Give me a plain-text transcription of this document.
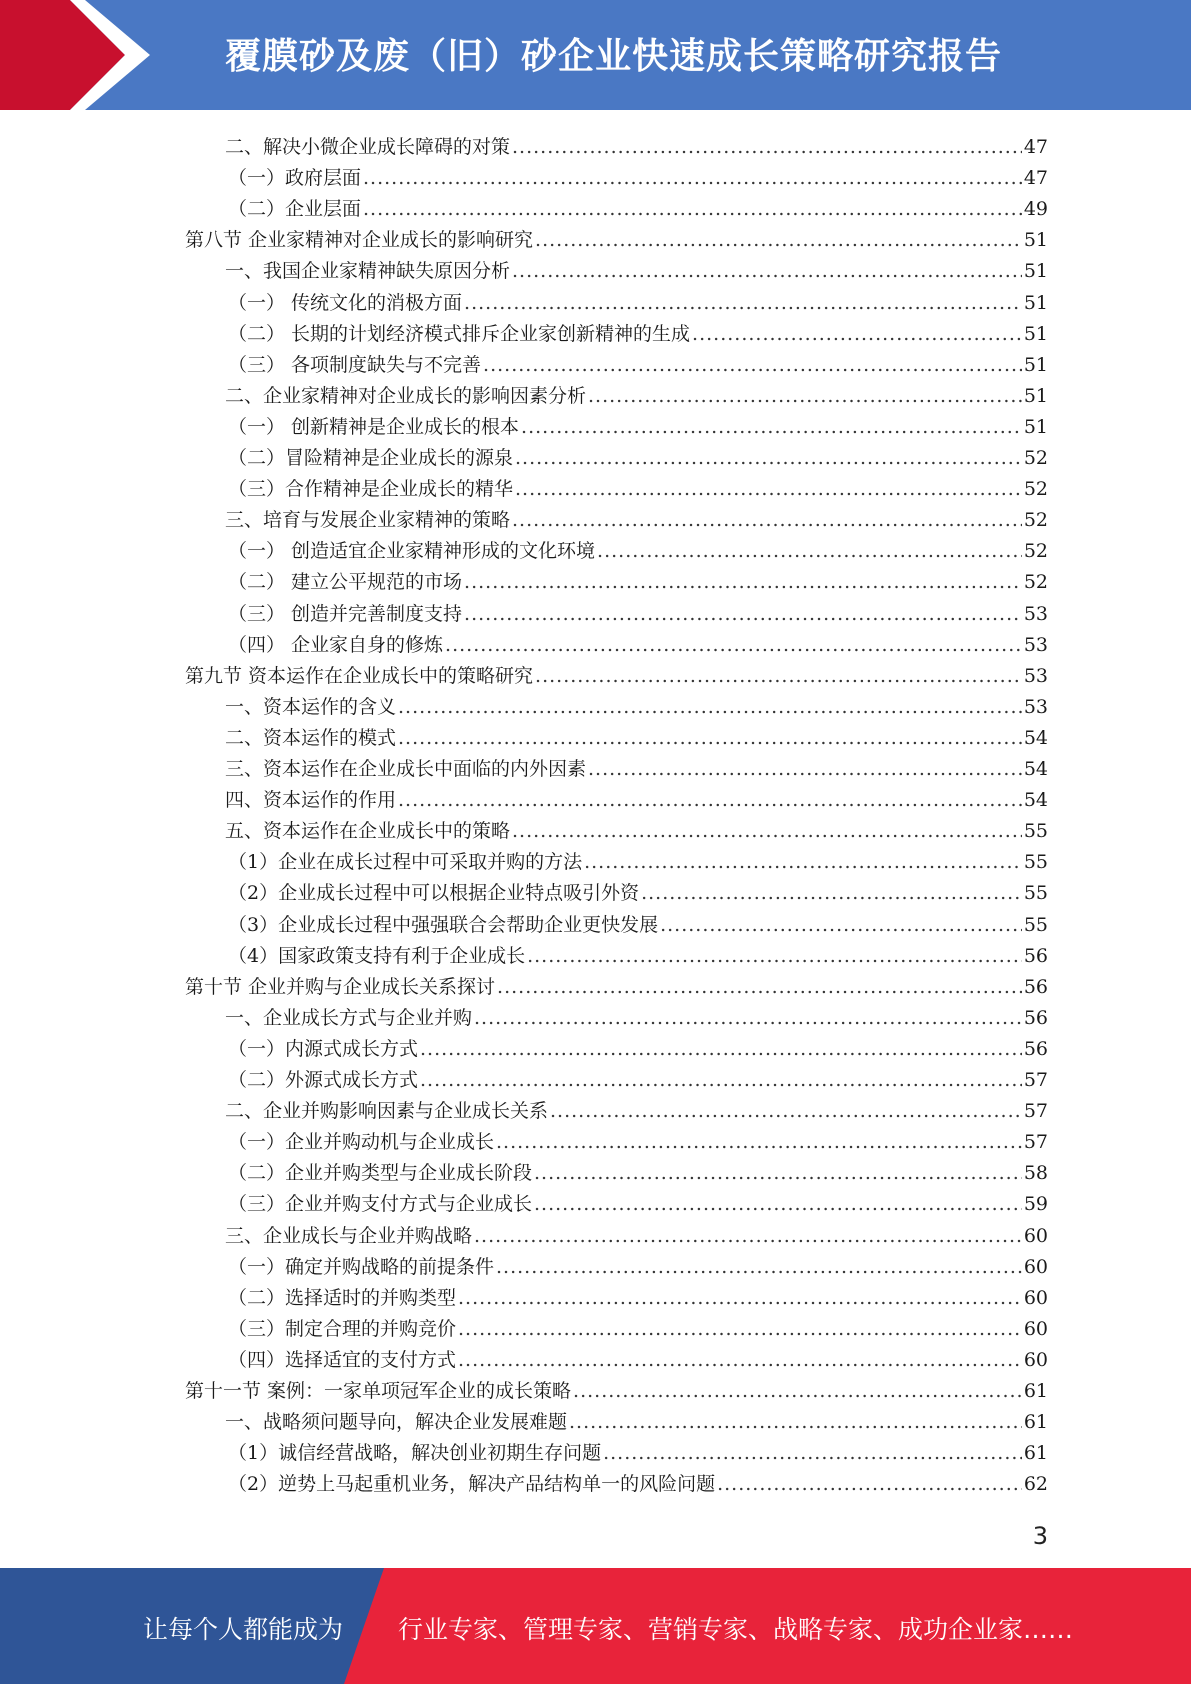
覆膜砂及废（旧）砂企业快速成长策略研究报告
二、解决小微企业成长障碍的对策 .....	47
（一）政府层面 .....	47
（二）企业层面 .....	49
第八节 企业家精神对企业成长的影响研究 .....	51
一、我国企业家精神缺失原因分析 .....	51
（一） 传统文化的消极方面 .....	51
（二） 长期的计划经济模式排斥企业家创新精神的生成 .....	51
（三） 各项制度缺失与不完善 .....	51
二、企业家精神对企业成长的影响因素分析 .....	51
（一） 创新精神是企业成长的根本 .....	51
（二）冒险精神是企业成长的源泉 .....	52
（三）合作精神是企业成长的精华 .....	52
三、培育与发展企业家精神的策略 .....	52
（一） 创造适宜企业家精神形成的文化环境 .....	52
（二） 建立公平规范的市场 .....	52
（三） 创造并完善制度支持 .....	53
（四） 企业家自身的修炼 .....	53
第九节 资本运作在企业成长中的策略研究 .....	53
一、资本运作的含义 .....	53
二、资本运作的模式 .....	54
三、资本运作在企业成长中面临的内外因素 .....	54
四、资本运作的作用 .....	54
五、资本运作在企业成长中的策略 .....	55
（1）企业在成长过程中可采取并购的方法 .....	55
（2）企业成长过程中可以根据企业特点吸引外资 .....	55
（3）企业成长过程中强强联合会帮助企业更快发展 .....	55
（4）国家政策支持有利于企业成长 .....	56
第十节 企业并购与企业成长关系探讨 .....	56
一、企业成长方式与企业并购 .....	56
（一）内源式成长方式 .....	56
（二）外源式成长方式 .....	57
二、企业并购影响因素与企业成长关系 .....	57
（一）企业并购动机与企业成长 .....	57
（二）企业并购类型与企业成长阶段 .....	58
（三）企业并购支付方式与企业成长 .....	59
三、企业成长与企业并购战略 .....	60
（一）确定并购战略的前提条件 .....	60
（二）选择适时的并购类型 .....	60
（三）制定合理的并购竞价 .....	60
（四）选择适宜的支付方式 .....	60
第十一节 案例：一家单项冠军企业的成长策略 .....	61
一、战略须问题导向，解决企业发展难题 .....	61
（1）诚信经营战略，解决创业初期生存问题 .....	61
（2）逆势上马起重机业务，解决产品结构单一的风险问题 .....	62
3
让每个人都能成为 行业专家、管理专家、营销专家、战略专家、成功企业家……
